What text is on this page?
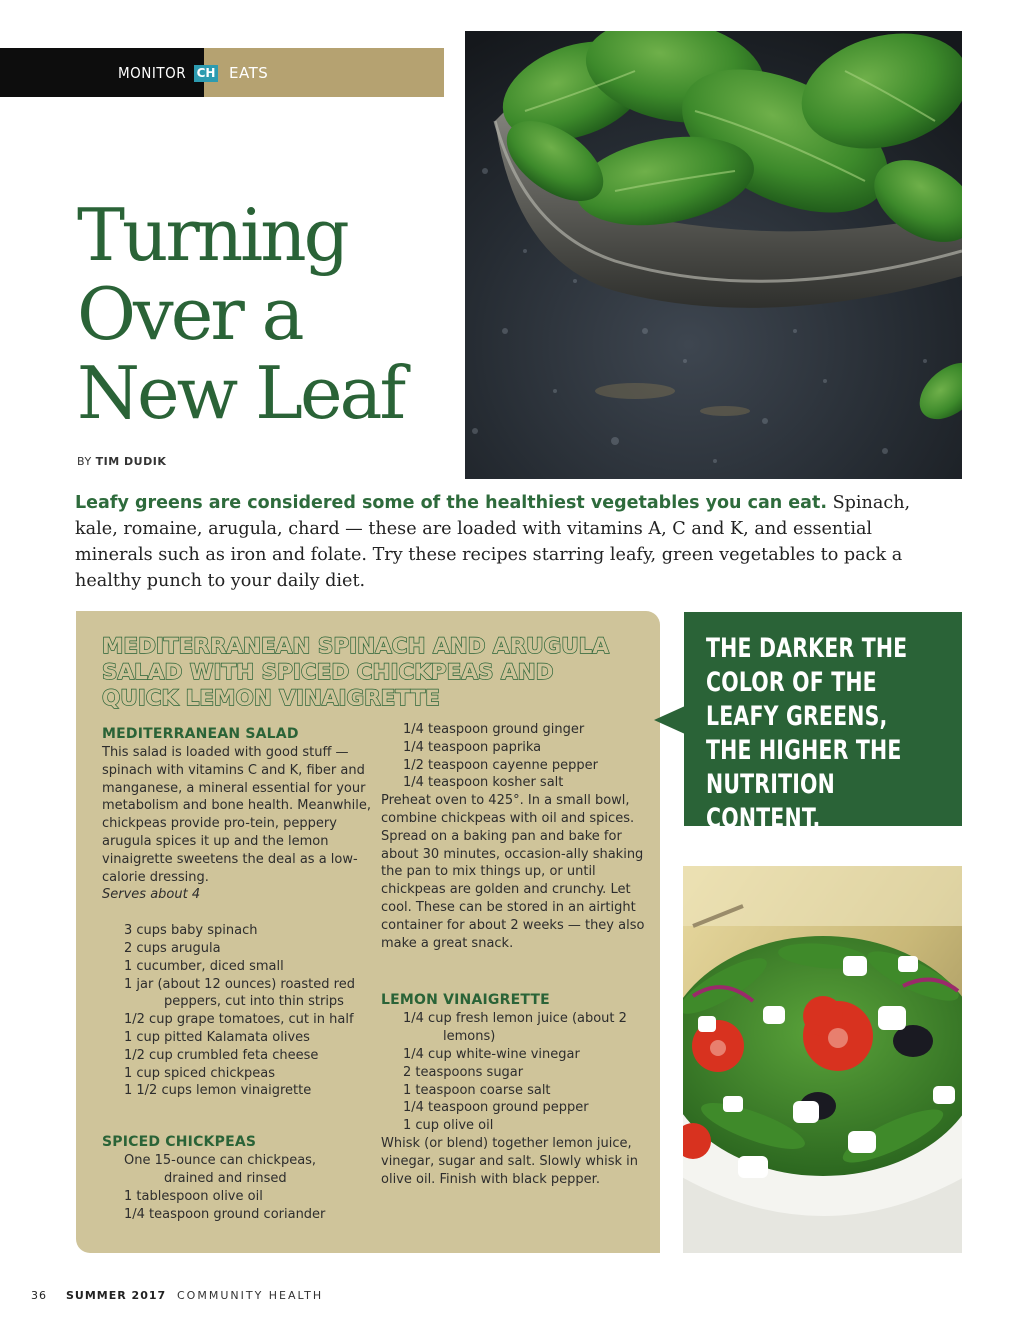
MONITOR CH EATS
Turning
Over a
New Leaf
BY TIM DUDIK

Leafy greens are considered some of the healthiest vegetables you can eat. Spinach, kale, romaine, arugula, chard — these are loaded with vitamins A, C and K, and essential minerals such as iron and folate. Try these recipes starring leafy, green vegetables to pack a healthy punch to your daily diet.

MEDITERRANEAN SPINACH AND ARUGULA
SALAD WITH SPICED CHICKPEAS AND
QUICK LEMON VINAIGRETTE
MEDITERRANEAN SALAD

This salad is loaded with good stuff — spinach with vitamins C and K, fiber and manganese, a mineral essential for your metabolism and bone health. Meanwhile, chickpeas provide pro-tein, peppery arugula spices it up and the lemon vinaigrette sweetens the deal as a low-calorie dressing.

Serves about 4

3 cups baby spinach
2 cups arugula
1 cucumber, diced small
1 jar (about 12 ounces) roasted red
peppers, cut into thin strips
1/2 cup grape tomatoes, cut in half
1 cup pitted Kalamata olives
1/2 cup crumbled feta cheese
1 cup spiced chickpeas
1 1/2 cups lemon vinaigrette
SPICED CHICKPEAS
One 15-ounce can chickpeas,
drained and rinsed
1 tablespoon olive oil
1/4 teaspoon ground coriander
1/4 teaspoon ground ginger
1/4 teaspoon paprika
1/2 teaspoon cayenne pepper
1/4 teaspoon kosher salt

Preheat oven to 425°. In a small bowl, combine chickpeas with oil and spices. Spread on a baking pan and bake for about 30 minutes, occasion-ally shaking the pan to mix things up, or until chickpeas are golden and crunchy. Let cool. These can be stored in an airtight container for about 2 weeks — they also make a great snack.

LEMON VINAIGRETTE
1/4 cup fresh lemon juice (about 2
lemons)
1/4 cup white-wine vinegar
2 teaspoons sugar
1 teaspoon coarse salt
1/4 teaspoon ground pepper
1 cup olive oil

Whisk (or blend) together lemon juice, vinegar, sugar and salt. Slowly whisk in olive oil. Finish with black pepper.

THE DARKER THE COLOR OF THE LEAFY GREENS, THE HIGHER THE NUTRITION CONTENT.

36 SUMMER 2017 COMMUNITY HEALTH
